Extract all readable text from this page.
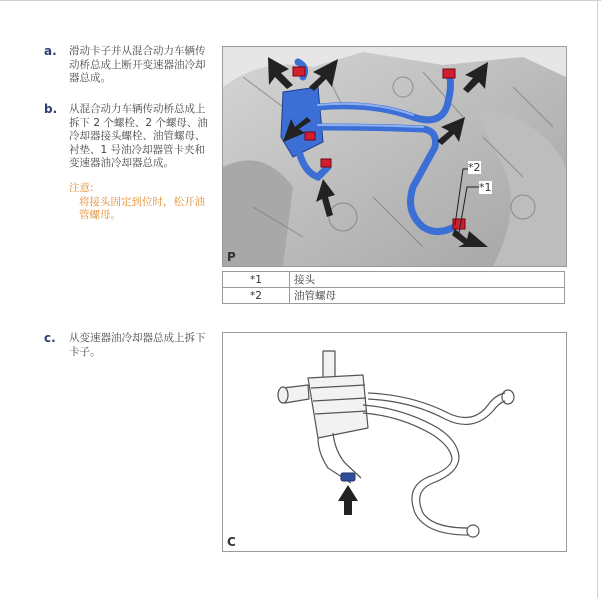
a. 滑动卡子并从混合动力车辆传动桥总成上断开变速器油冷却器总成。
b. 从混合动力车辆传动桥总成上拆下 2 个螺栓、2 个螺母、油冷却器接头螺栓、油管螺母、衬垫、1 号油冷却器管卡夹和变速器油冷却器总成。
注意:
将接头固定到位时，松开油管螺母。
c. 从变速器油冷却器总成上拆下卡子。
*2
*1
P
*1	接头
*2	油管螺母
C
